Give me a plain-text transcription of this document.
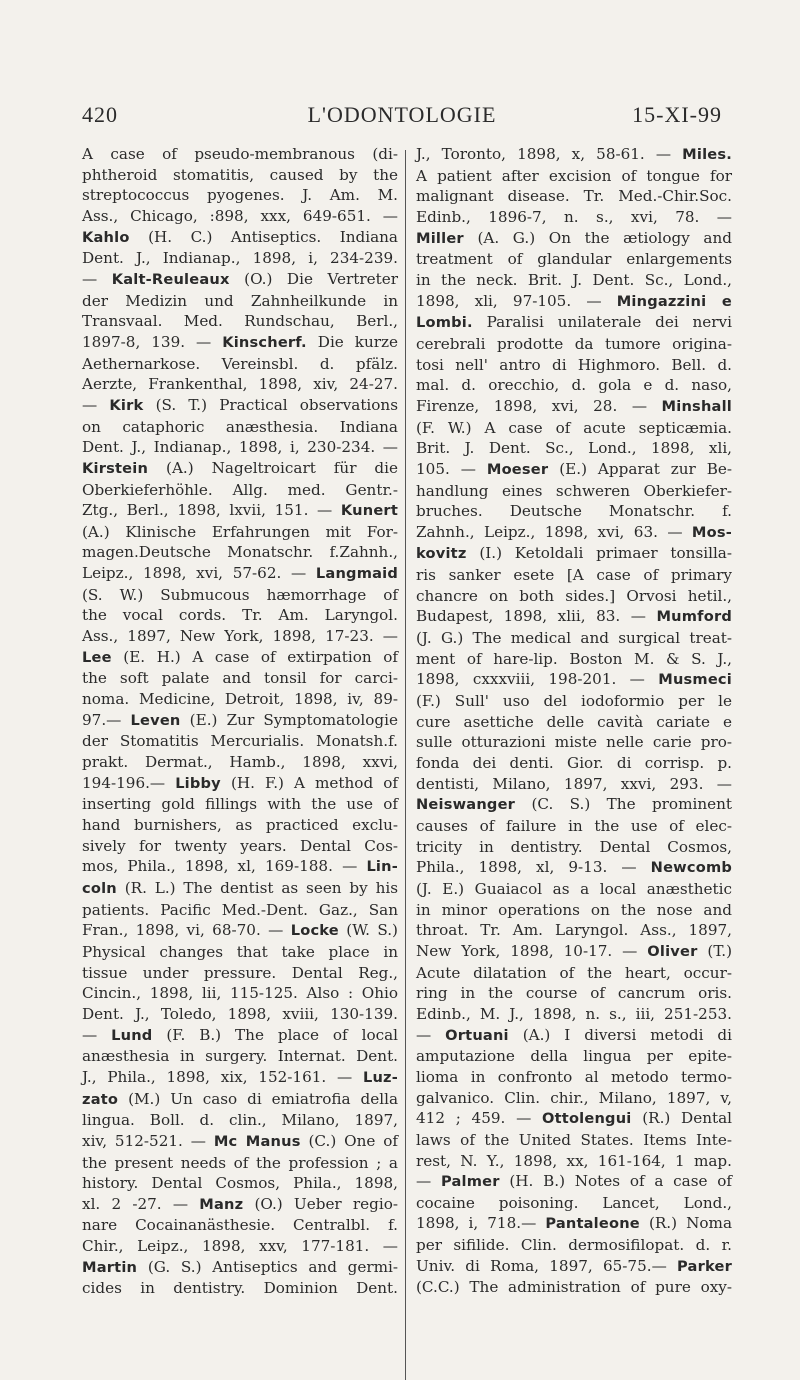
420	L'ODONTOLOGIE	15-XI-99
A case of pseudo-membranous (di-
phtheroid stomatitis, caused by the
streptococcus pyogenes. J. Am. M.
Ass., Chicago, :898, xxx, 649-651. —
Kahlo (H. C.) Antiseptics. Indiana
Dent. J., Indianap., 1898, i, 234-239.
— Kalt-Reuleaux (O.) Die Vertreter
der Medizin und Zahnheilkunde in
Transvaal. Med. Rundschau, Berl.,
1897-8, 139. — Kinscherf. Die kurze
Aethernarkose. Vereinsbl. d. pfälz.
Aerzte, Frankenthal, 1898, xiv, 24-27.
— Kirk (S. T.) Practical observations
on cataphoric anæsthesia. Indiana
Dent. J., Indianap., 1898, i, 230-234. —
Kirstein (A.) Nageltroicart für die
Oberkieferhöhle. Allg. med. Gentr.-
Ztg., Berl., 1898, lxvii, 151. — Kunert
(A.) Klinische Erfahrungen mit For-
magen.Deutsche Monatschr. f.Zahnh.,
Leipz., 1898, xvi, 57-62. — Langmaid
(S. W.) Submucous hæmorrhage of
the vocal cords. Tr. Am. Laryngol.
Ass., 1897, New York, 1898, 17-23. —
Lee (E. H.) A case of extirpation of
the soft palate and tonsil for carci-
noma. Medicine, Detroit, 1898, iv, 89-
97.— Leven (E.) Zur Symptomatologie
der Stomatitis Mercurialis. Monatsh.f.
prakt. Dermat., Hamb., 1898, xxvi,
194-196.— Libby (H. F.) A method of
inserting gold fillings with the use of
hand burnishers, as practiced exclu-
sively for twenty years. Dental Cos-
mos, Phila., 1898, xl, 169-188. — Lin-
coln (R. L.) The dentist as seen by his
patients. Pacific Med.-Dent. Gaz., San
Fran., 1898, vi, 68-70. — Locke (W. S.)
Physical changes that take place in
tissue under pressure. Dental Reg.,
Cincin., 1898, lii, 115-125. Also : Ohio
Dent. J., Toledo, 1898, xviii, 130-139.
— Lund (F. B.) The place of local
anæsthesia in surgery. Internat. Dent.
J., Phila., 1898, xix, 152-161. — Luz-
zato (M.) Un caso di emiatrofia della
lingua. Boll. d. clin., Milano, 1897,
xiv, 512-521. — Mc Manus (C.) One of
the present needs of the profession ; a
history. Dental Cosmos, Phila., 1898,
xl. 2 -27. — Manz (O.) Ueber regio-
nare Cocainanästhesie. Centralbl. f.
Chir., Leipz., 1898, xxv, 177-181. —
Martin (G. S.) Antiseptics and germi-
cides in dentistry. Dominion Dent.
J., Toronto, 1898, x, 58-61. — Miles.
A patient after excision of tongue for
malignant disease. Tr. Med.-Chir.Soc.
Edinb., 1896-7, n. s., xvi, 78. —
Miller (A. G.) On the ætiology and
treatment of glandular enlargements
in the neck. Brit. J. Dent. Sc., Lond.,
1898, xli, 97-105. — Mingazzini e
Lombi. Paralisi unilaterale dei nervi
cerebrali prodotte da tumore origina-
tosi nell' antro di Highmoro. Bell. d.
mal. d. orecchio, d. gola e d. naso,
Firenze, 1898, xvi, 28. — Minshall
(F. W.) A case of acute septicæmia.
Brit. J. Dent. Sc., Lond., 1898, xli,
105. — Moeser (E.) Apparat zur Be-
handlung eines schweren Oberkiefer-
bruches. Deutsche Monatschr. f.
Zahnh., Leipz., 1898, xvi, 63. — Mos-
kovitz (I.) Ketoldali primaer tonsilla-
ris sanker esete [A case of primary
chancre on both sides.] Orvosi hetil.,
Budapest, 1898, xlii, 83. — Mumford
(J. G.) The medical and surgical treat-
ment of hare-lip. Boston M. & S. J.,
1898, cxxxviii, 198-201. — Musmeci
(F.) Sull' uso del iodoformio per le
cure asettiche delle cavità cariate e
sulle otturazioni miste nelle carie pro-
fonda dei denti. Gior. di corrisp. p.
dentisti, Milano, 1897, xxvi, 293. —
Neiswanger (C. S.) The prominent
causes of failure in the use of elec-
tricity in dentistry. Dental Cosmos,
Phila., 1898, xl, 9-13. — Newcomb
(J. E.) Guaiacol as a local anæsthetic
in minor operations on the nose and
throat. Tr. Am. Laryngol. Ass., 1897,
New York, 1898, 10-17. — Oliver (T.)
Acute dilatation of the heart, occur-
ring in the course of cancrum oris.
Edinb., M. J., 1898, n. s., iii, 251-253.
— Ortuani (A.) I diversi metodi di
amputazione della lingua per epite-
lioma in confronto al metodo termo-
galvanico. Clin. chir., Milano, 1897, v,
412 ; 459. — Ottolengui (R.) Dental
laws of the United States. Items Inte-
rest, N. Y., 1898, xx, 161-164, 1 map.
— Palmer (H. B.) Notes of a case of
cocaine poisoning. Lancet, Lond.,
1898, i, 718.— Pantaleone (R.) Noma
per sifilide. Clin. dermosifilopat. d. r.
Univ. di Roma, 1897, 65-75.— Parker
(C.C.) The administration of pure oxy-
